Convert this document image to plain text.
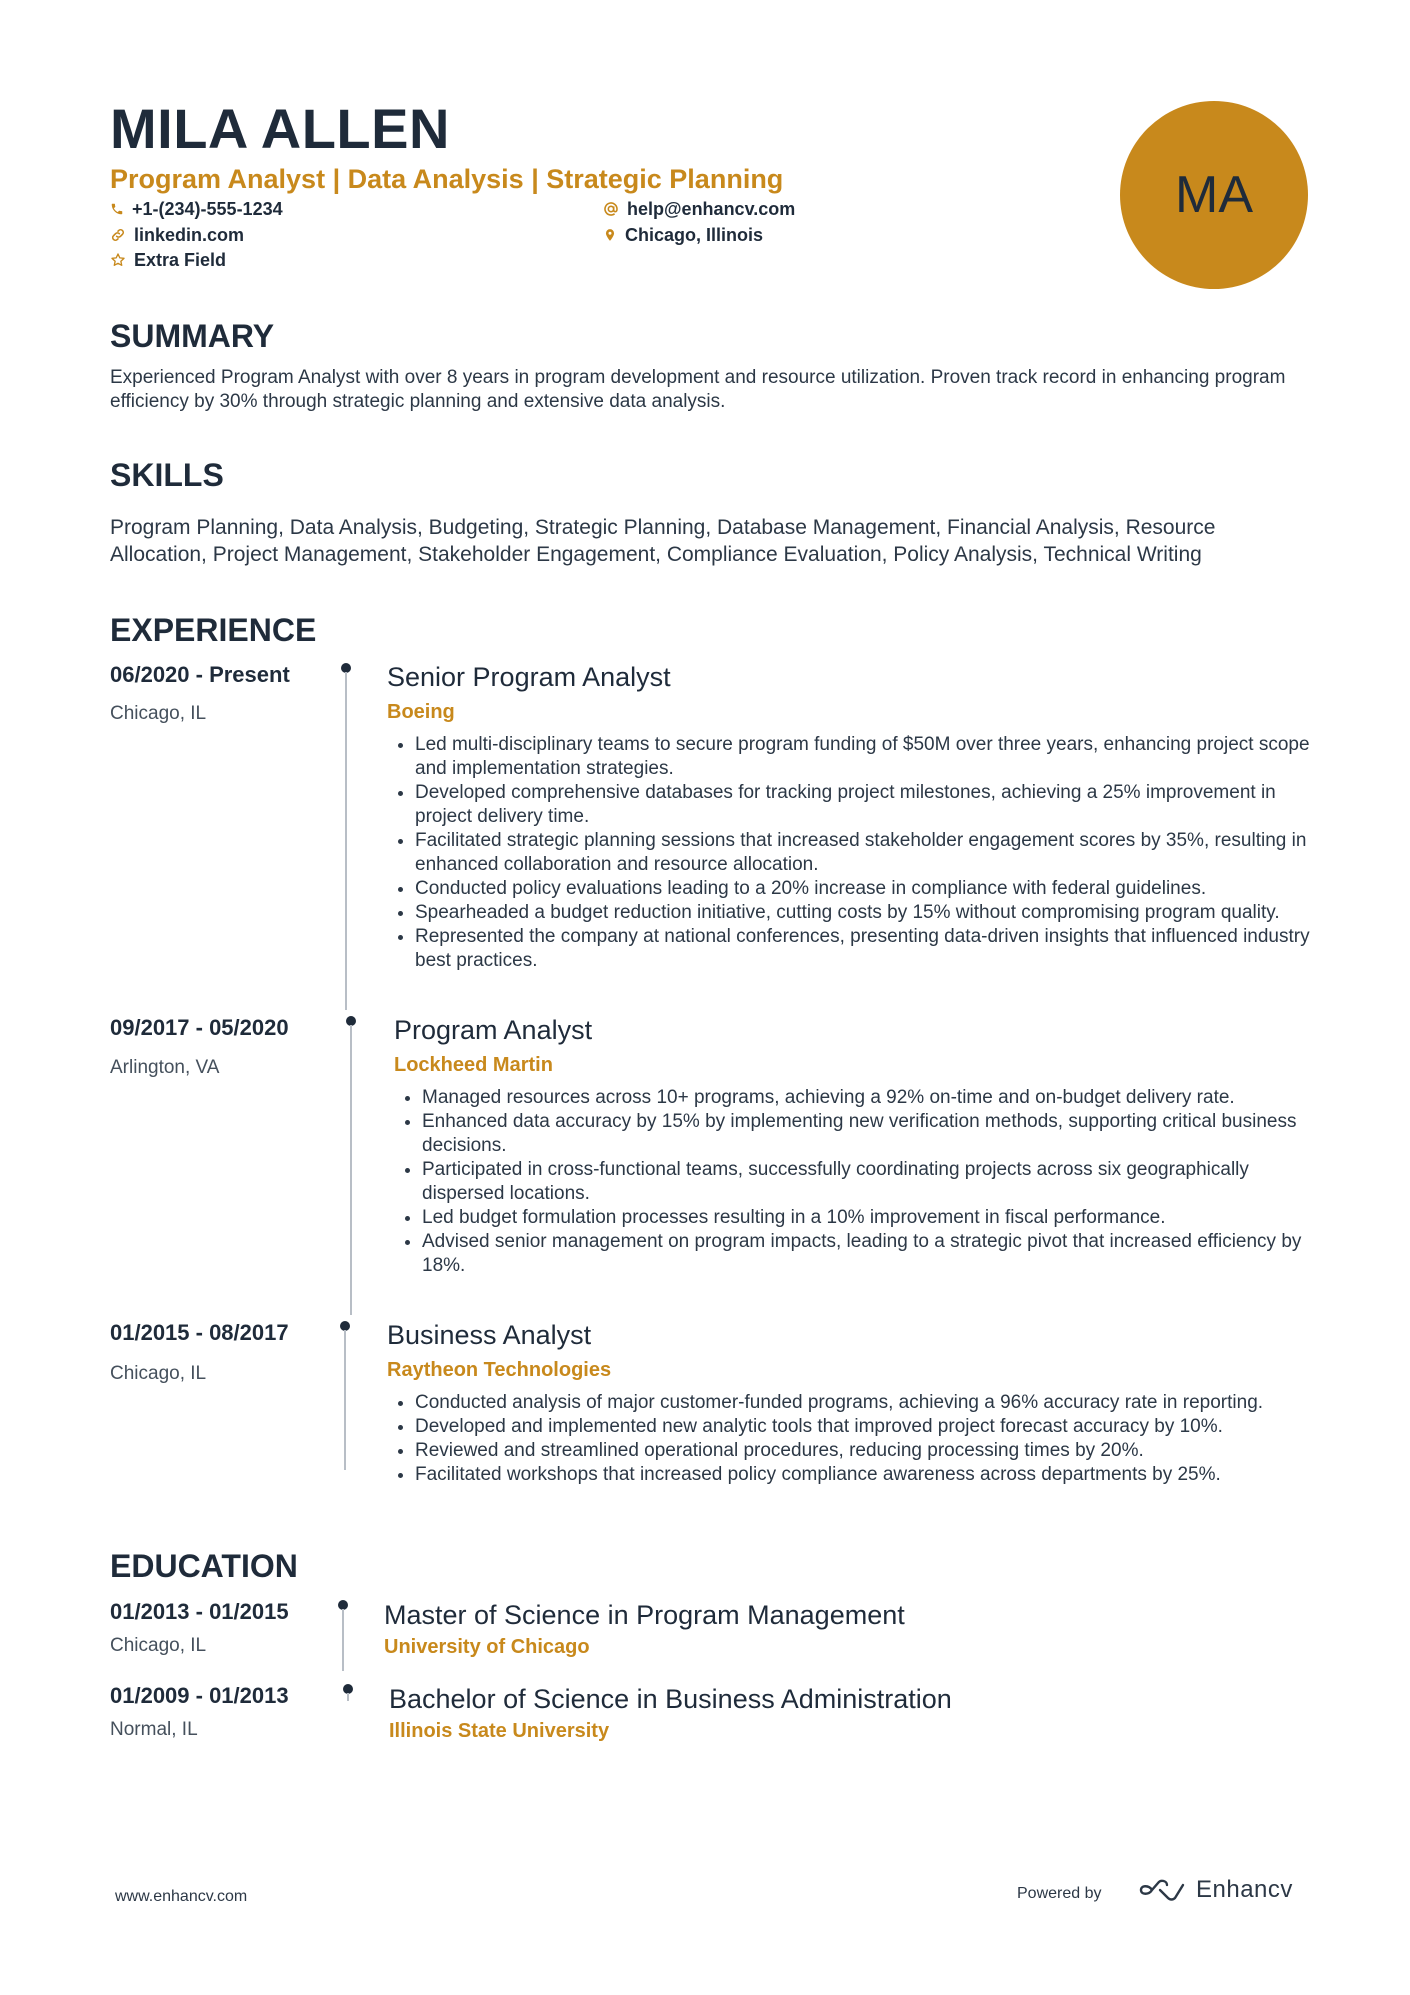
MILA ALLEN
Program Analyst | Data Analysis | Strategic Planning
+1-(234)-555-1234	help@enhancv.com
linkedin.com	Chicago, Illinois
Extra Field
MA
SUMMARY
Experienced Program Analyst with over 8 years in program development and resource utilization. Proven track record in enhancing program efficiency by 30% through strategic planning and extensive data analysis.
SKILLS
Program Planning, Data Analysis, Budgeting, Strategic Planning, Database Management, Financial Analysis, Resource Allocation, Project Management, Stakeholder Engagement, Compliance Evaluation, Policy Analysis, Technical Writing
EXPERIENCE
06/2020 - Present
Chicago, IL
Senior Program Analyst
Boeing
• Led multi-disciplinary teams to secure program funding of $50M over three years, enhancing project scope and implementation strategies.
• Developed comprehensive databases for tracking project milestones, achieving a 25% improvement in project delivery time.
• Facilitated strategic planning sessions that increased stakeholder engagement scores by 35%, resulting in enhanced collaboration and resource allocation.
• Conducted policy evaluations leading to a 20% increase in compliance with federal guidelines.
• Spearheaded a budget reduction initiative, cutting costs by 15% without compromising program quality.
• Represented the company at national conferences, presenting data-driven insights that influenced industry best practices.
09/2017 - 05/2020
Arlington, VA
Program Analyst
Lockheed Martin
• Managed resources across 10+ programs, achieving a 92% on-time and on-budget delivery rate.
• Enhanced data accuracy by 15% by implementing new verification methods, supporting critical business decisions.
• Participated in cross-functional teams, successfully coordinating projects across six geographically dispersed locations.
• Led budget formulation processes resulting in a 10% improvement in fiscal performance.
• Advised senior management on program impacts, leading to a strategic pivot that increased efficiency by 18%.
01/2015 - 08/2017
Chicago, IL
Business Analyst
Raytheon Technologies
• Conducted analysis of major customer-funded programs, achieving a 96% accuracy rate in reporting.
• Developed and implemented new analytic tools that improved project forecast accuracy by 10%.
• Reviewed and streamlined operational procedures, reducing processing times by 20%.
• Facilitated workshops that increased policy compliance awareness across departments by 25%.
EDUCATION
01/2013 - 01/2015
Chicago, IL
Master of Science in Program Management
University of Chicago
01/2009 - 01/2013
Normal, IL
Bachelor of Science in Business Administration
Illinois State University
www.enhancv.com	Powered by	Enhancv
